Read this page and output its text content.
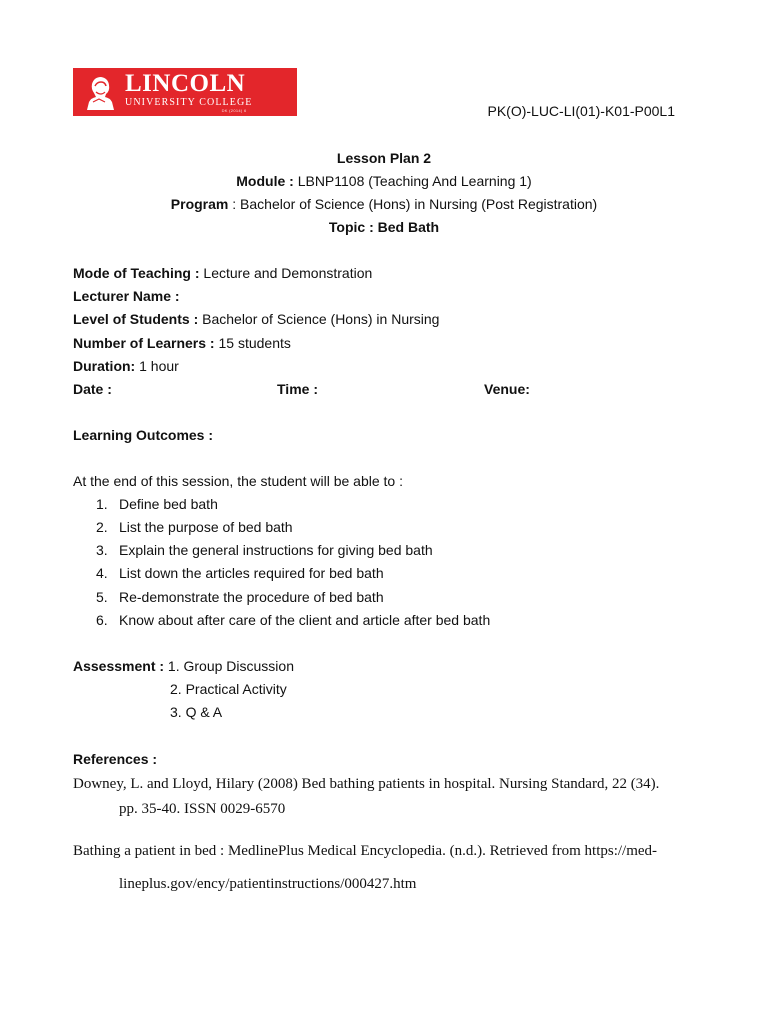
LINCOLN
UNIVERSITY COLLEGE
DK (2014) 6	PK(O)-LUC-LI(01)-K01-P00L1
Lesson Plan 2
Module : LBNP1108 (Teaching And Learning 1)
Program : Bachelor of Science (Hons) in Nursing (Post Registration)
Topic : Bed Bath
Mode of Teaching : Lecture and Demonstration
Lecturer Name :
Level of Students : Bachelor of Science (Hons) in Nursing
Number of Learners : 15 students
Duration: 1 hour
Date :	Time :	Venue:
Learning Outcomes :
At the end of this session, the student will be able to :
1. Define bed bath
2. List the purpose of bed bath
3. Explain the general instructions for giving bed bath
4. List down the articles required for bed bath
5. Re-demonstrate the procedure of bed bath
6. Know about after care of the client and article after bed bath
Assessment : 1. Group Discussion
2. Practical Activity
3. Q & A
References :
Downey, L. and Lloyd, Hilary (2008) Bed bathing patients in hospital. Nursing Standard, 22 (34).
pp. 35-40. ISSN 0029-6570
Bathing a patient in bed : MedlinePlus Medical Encyclopedia. (n.d.). Retrieved from https://med-
lineplus.gov/ency/patientinstructions/000427.htm
